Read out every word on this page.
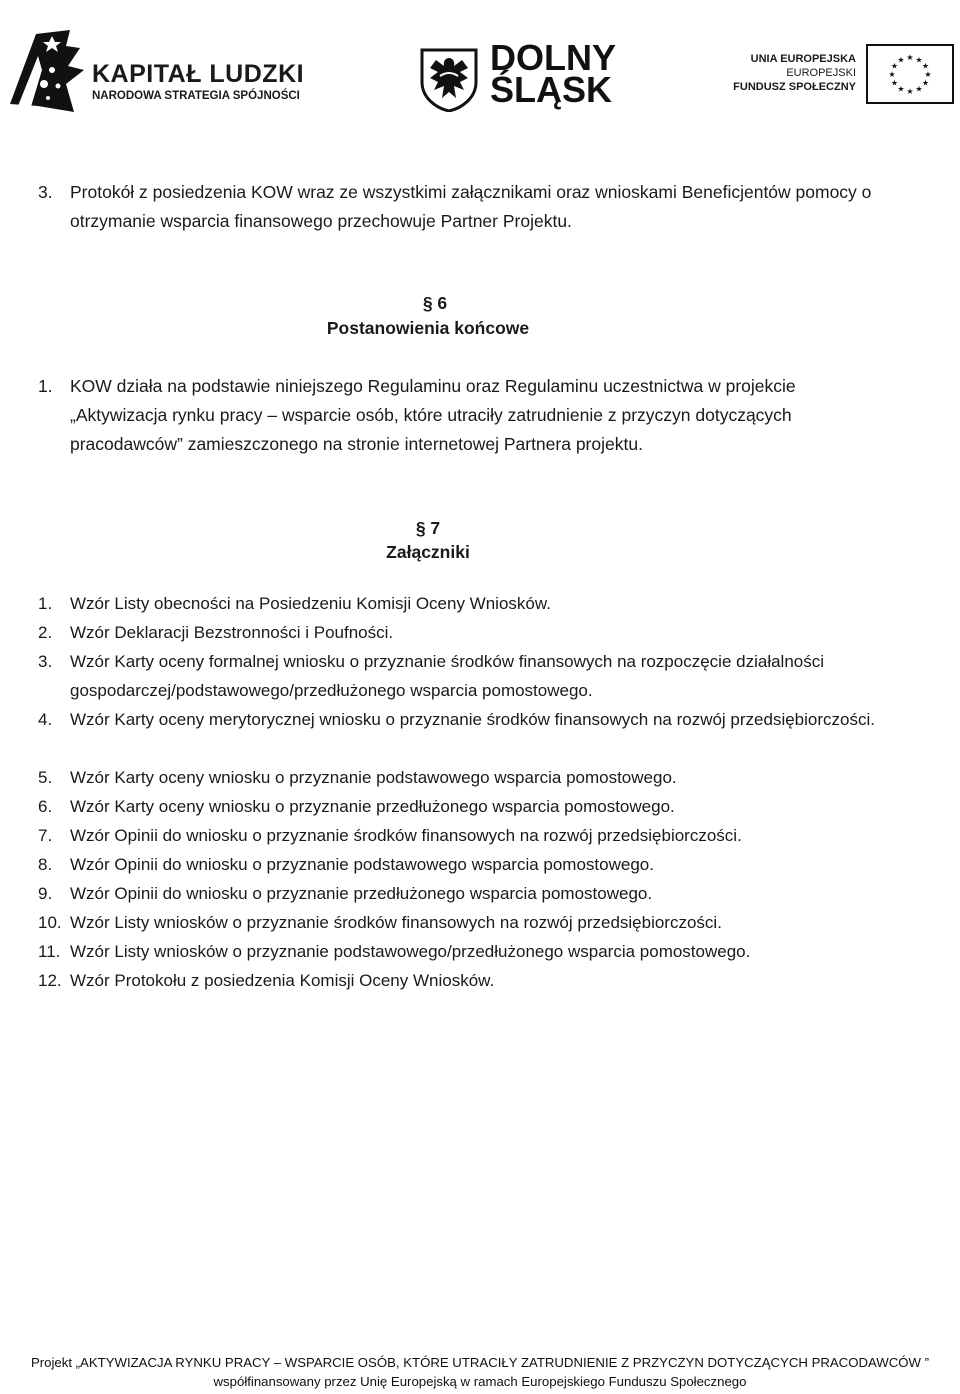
KAPITAŁ LUDZKI
NARODOWA STRATEGIA SPÓJNOŚCI
DOLNY
ŚLĄSK
UNIA EUROPEJSKA
EUROPEJSKI
FUNDUSZ SPOŁECZNY
★ ★
★
★
★
★
★
★
★
★
★
★
3. Protokół z posiedzenia KOW wraz ze wszystkimi załącznikami oraz wnioskami Beneficjentów pomocy o otrzymanie wsparcia finansowego przechowuje Partner Projektu.
§ 6
Postanowienia końcowe
1. KOW działa na podstawie niniejszego Regulaminu oraz Regulaminu uczestnictwa w projekcie „Aktywizacja rynku pracy – wsparcie osób, które utraciły zatrudnienie z przyczyn dotyczących pracodawców” zamieszczonego na stronie internetowej Partnera projektu.
§ 7
Załączniki
1. Wzór Listy obecności na Posiedzeniu Komisji Oceny Wniosków.
2. Wzór Deklaracji Bezstronności i Poufności.
3. Wzór Karty oceny formalnej wniosku o przyznanie środków finansowych na rozpoczęcie działalności gospodarczej/podstawowego/przedłużonego wsparcia pomostowego.
4. Wzór Karty oceny merytorycznej wniosku o przyznanie środków finansowych na rozwój przedsiębiorczości.
5. Wzór Karty oceny wniosku o przyznanie podstawowego wsparcia pomostowego.
6. Wzór Karty oceny wniosku o przyznanie przedłużonego wsparcia pomostowego.
7. Wzór Opinii do wniosku o przyznanie środków finansowych na rozwój przedsiębiorczości.
8. Wzór Opinii do wniosku o przyznanie podstawowego wsparcia pomostowego.
9. Wzór Opinii do wniosku o przyznanie przedłużonego wsparcia pomostowego.
10. Wzór Listy wniosków o przyznanie środków finansowych na rozwój przedsiębiorczości.
11. Wzór Listy wniosków o przyznanie podstawowego/przedłużonego wsparcia pomostowego.
12. Wzór Protokołu z posiedzenia Komisji Oceny Wniosków.
Projekt „AKTYWIZACJA RYNKU PRACY – WSPARCIE OSÓB, KTÓRE UTRACIŁY ZATRUDNIENIE Z PRZYCZYN DOTYCZĄCYCH PRACODAWCÓW ”
współfinansowany przez Unię Europejską w ramach Europejskiego Funduszu Społecznego
